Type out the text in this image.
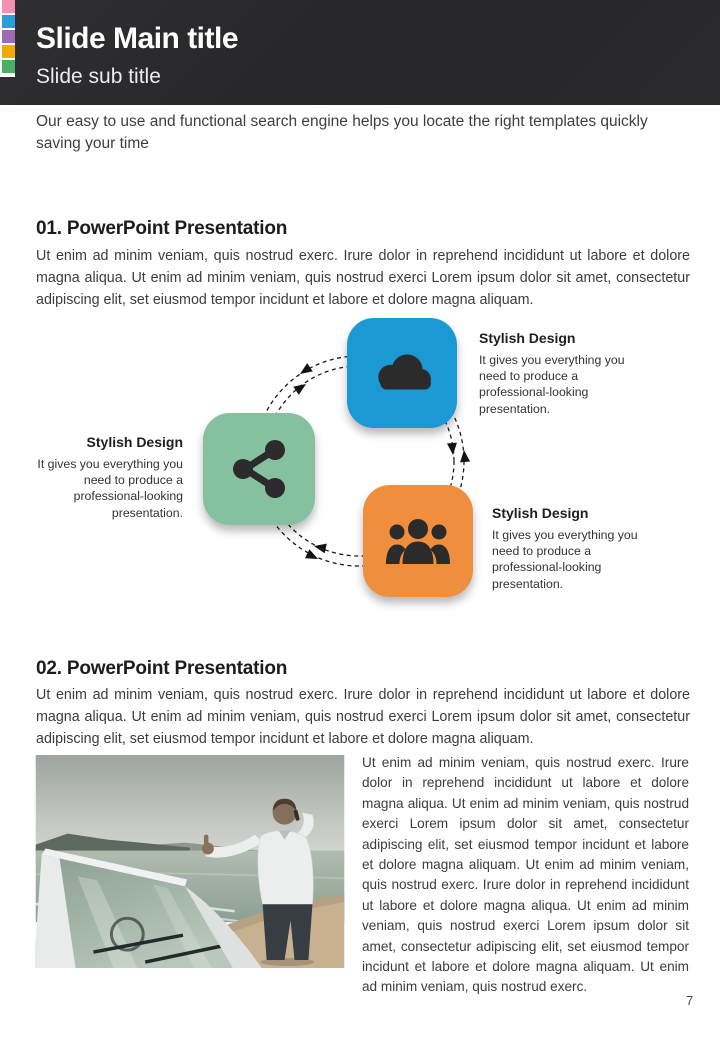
Slide Main title
Slide sub title
Our easy to use and functional search engine helps you locate the right templates quickly saving your time
01. PowerPoint Presentation
Ut enim ad minim veniam, quis nostrud exerc. Irure dolor in reprehend incididunt ut labore et dolore magna aliqua. Ut enim ad minim veniam, quis nostrud exerci Lorem ipsum dolor sit amet, consectetur adipiscing elit, set eiusmod tempor incidunt et labore et dolore magna aliquam.
Stylish Design
It gives you everything you need to produce a professional-looking presentation.
Stylish Design
It gives you everything you need to produce a professional-looking presentation.	Stylish Design
It gives you everything you need to produce a professional-looking presentation.
02. PowerPoint Presentation
Ut enim ad minim veniam, quis nostrud exerc. Irure dolor in reprehend incididunt ut labore et dolore magna aliqua. Ut enim ad minim veniam, quis nostrud exerci Lorem ipsum dolor sit amet, consectetur adipiscing elit, set eiusmod tempor incidunt et labore et dolore magna aliquam.
Ut enim ad minim veniam, quis nostrud exerc. Irure dolor in reprehend incididunt ut labore et dolore magna aliqua. Ut enim ad minim veniam, quis nostrud exerci Lorem ipsum dolor sit amet, consectetur adipiscing elit, set eiusmod tempor incidunt et labore et dolore magna aliquam. Ut enim ad minim veniam, quis nostrud exerc. Irure dolor in reprehend incididunt ut labore et dolore magna aliqua. Ut enim ad minim veniam, quis nostrud exerci Lorem ipsum dolor sit amet, consectetur adipiscing elit, set eiusmod tempor incidunt et labore et dolore magna aliquam. Ut enim ad minim veniam, quis nostrud exerc.
7
